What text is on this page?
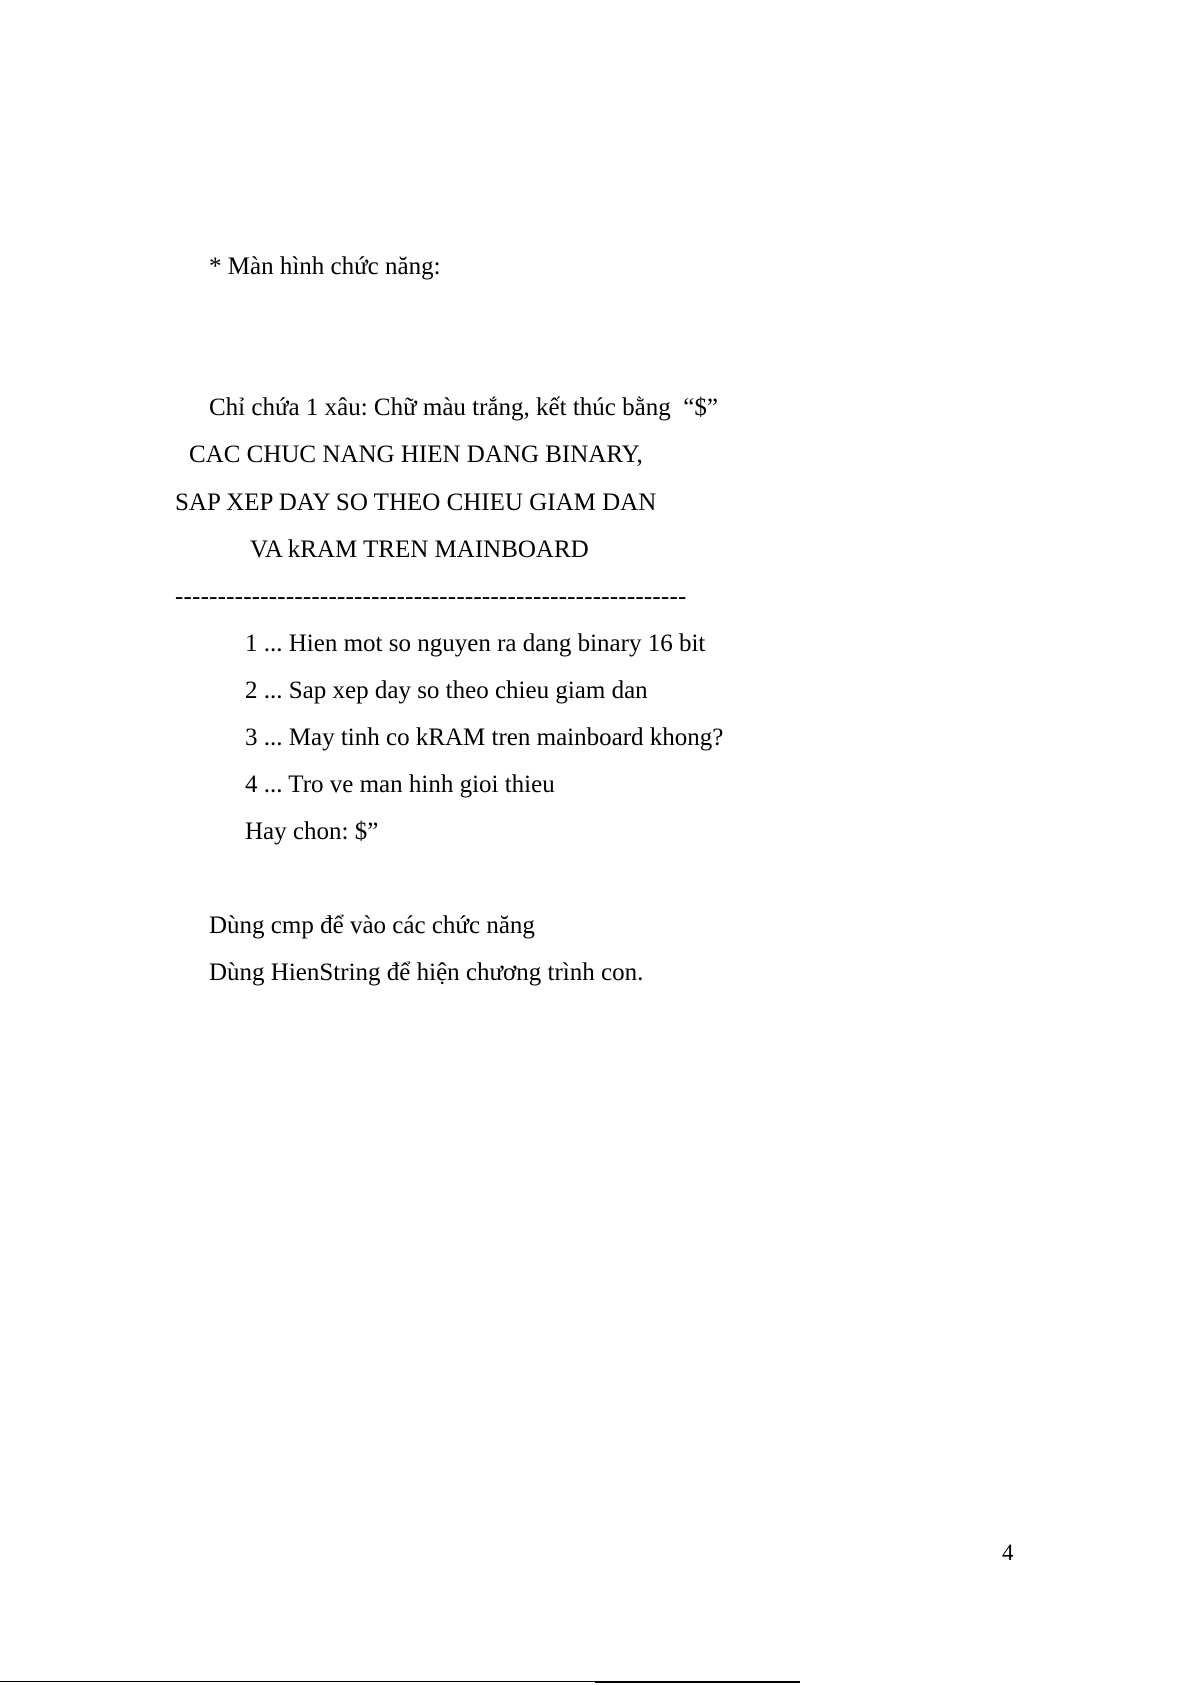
* Màn hình chức năng:
Chỉ chứa 1 xâu: Chữ màu trắng, kết thúc bằng  “$”
CAC CHUC NANG HIEN DANG BINARY,
SAP XEP DAY SO THEO CHIEU GIAM DAN
VA kRAM TREN MAINBOARD
------------------------------------------------------------
1 ... Hien mot so nguyen ra dang binary 16 bit
2 ... Sap xep day so theo chieu giam dan
3 ... May tinh co kRAM tren mainboard khong?
4 ... Tro ve man hinh gioi thieu
Hay chon: $”
Dùng cmp để vào các chức năng
Dùng HienString để hiện chương trình con.
4
